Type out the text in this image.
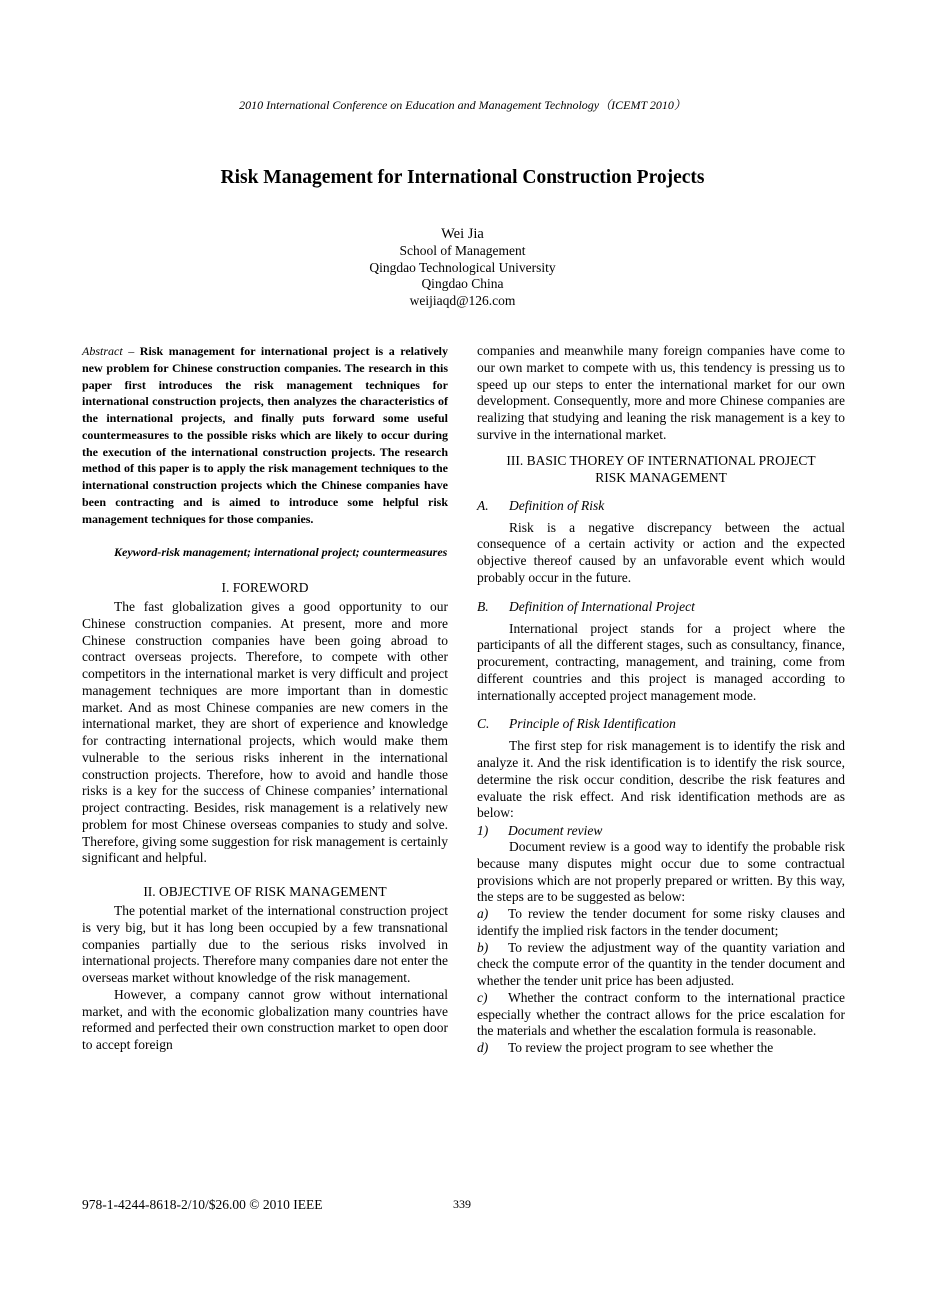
2010 International Conference on Education and Management Technology（ICEMT 2010）
Risk Management for International Construction Projects
Wei Jia
School of Management
Qingdao Technological University
Qingdao China
weijiaqd@126.com

Abstract – Risk management for international project is a relatively new problem for Chinese construction companies. The research in this paper first introduces the risk management techniques for international construction projects, then analyzes the characteristics of the international projects, and finally puts forward some useful countermeasures to the possible risks which are likely to occur during the execution of the international construction projects. The research method of this paper is to apply the risk management techniques to the international construction projects which the Chinese companies have been contracting and is aimed to introduce some helpful risk management techniques for those companies.

Keyword-risk management; international project; countermeasures

I. FOREWORD

The fast globalization gives a good opportunity to our Chinese construction companies. At present, more and more Chinese construction companies have been going abroad to contract overseas projects. Therefore, to compete with other competitors in the international market is very difficult and project management techniques are more important than in domestic market. And as most Chinese companies are new comers in the international market, they are short of experience and knowledge for contracting international projects, which would make them vulnerable to the serious risks inherent in the international construction projects. Therefore, how to avoid and handle those risks is a key for the success of Chinese companies’ international project contracting. Besides, risk management is a relatively new problem for most Chinese overseas companies to study and solve. Therefore, giving some suggestion for risk management is certainly significant and helpful.

II. OBJECTIVE OF RISK MANAGEMENT

The potential market of the international construction project is very big, but it has long been occupied by a few transnational companies partially due to the serious risks involved in international projects. Therefore many companies dare not enter the overseas market without knowledge of the risk management.

However, a company cannot grow without international market, and with the economic globalization many countries have reformed and perfected their own construction market to open door to accept foreign

companies and meanwhile many foreign companies have come to our own market to compete with us, this tendency is pressing us to speed up our steps to enter the international market for our own development. Consequently, more and more Chinese companies are realizing that studying and leaning the risk management is a key to survive in the international market.

III. BASIC THOREY OF INTERNATIONAL PROJECT
RISK MANAGEMENT
A. Definition of Risk

Risk is a negative discrepancy between the actual consequence of a certain activity or action and the expected objective thereof caused by an unfavorable event which would probably occur in the future.

B. Definition of International Project

International project stands for a project where the participants of all the different stages, such as consultancy, finance, procurement, contracting, management, and training, come from different countries and this project is managed according to internationally accepted project management mode.

C. Principle of Risk Identification

The first step for risk management is to identify the risk and analyze it. And the risk identification is to identify the risk source, determine the risk occur condition, describe the risk features and evaluate the risk effect. And risk identification methods are as below:

1) Document review

Document review is a good way to identify the probable risk because many disputes might occur due to some contractual provisions which are not properly prepared or written. By this way, the steps are to be suggested as below:

a) To review the tender document for some risky clauses and identify the implied risk factors in the tender document;

b) To review the adjustment way of the quantity variation and check the compute error of the quantity in the tender document and whether the tender unit price has been adjusted.

c) Whether the contract conform to the international practice especially whether the contract allows for the price escalation for the materials and whether the escalation formula is reasonable.

d) To review the project program to see whether the

978-1-4244-8618-2/10/$26.00 © 2010 IEEE	339
